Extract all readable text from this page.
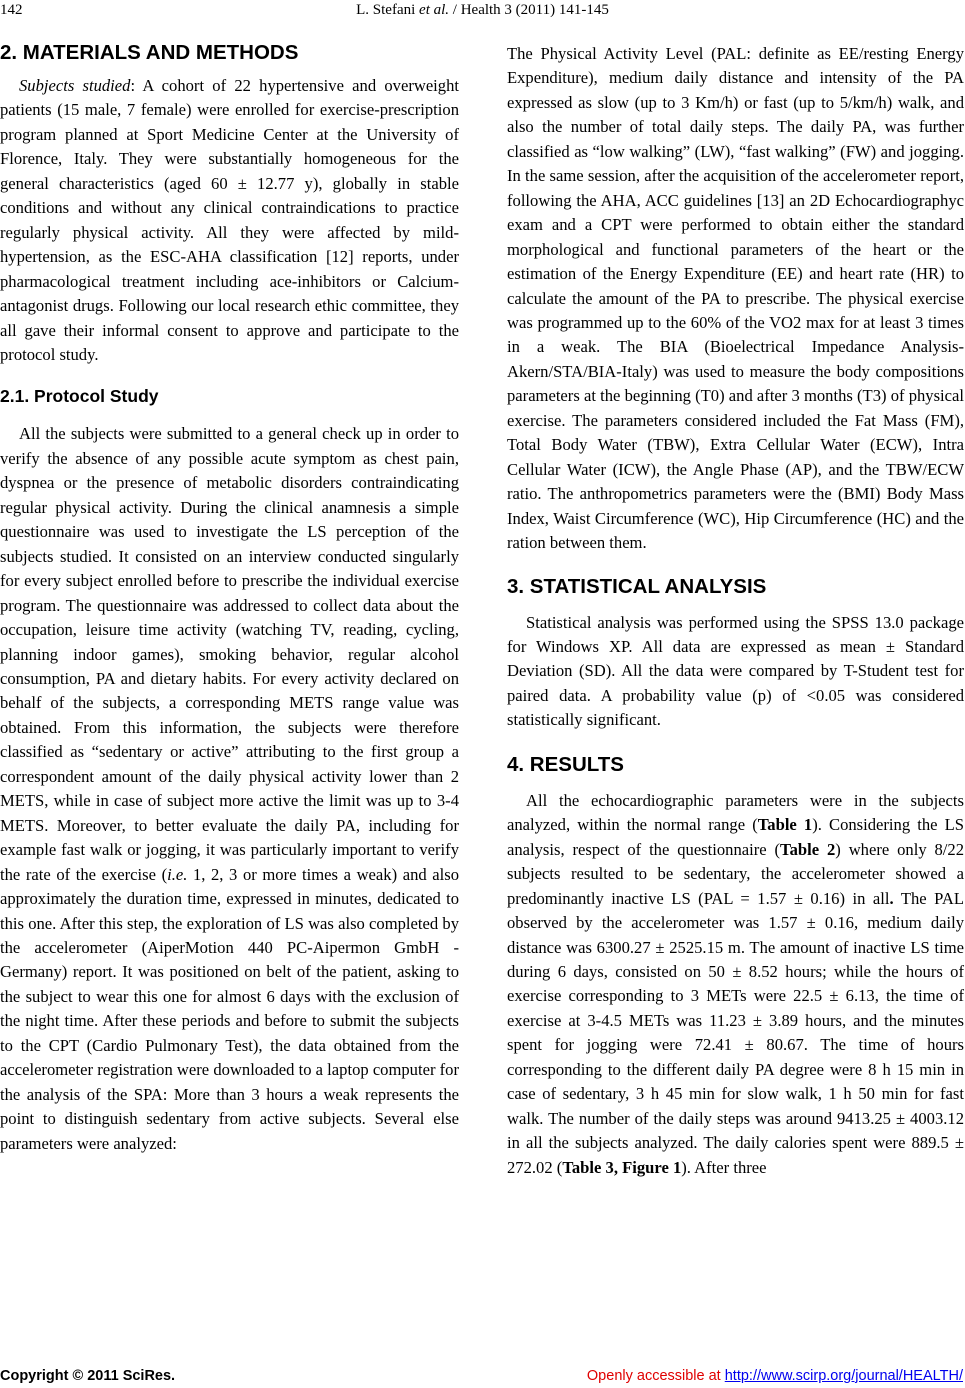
142	L. Stefani et al. / Health 3 (2011) 141-145
2. MATERIALS AND METHODS

Subjects studied: A cohort of 22 hypertensive and overweight patients (15 male, 7 female) were enrolled for exercise-prescription program planned at Sport Medicine Center at the University of Florence, Italy. They were substantially homogeneous for the general characteristics (aged 60 ± 12.77 y), globally in stable conditions and without any clinical contraindications to practice regularly physical activity. All they were affected by mild- hypertension, as the ESC-AHA classification [12] reports, under pharmacological treatment including ace-inhibitors or Calcium-antagonist drugs. Following our local research ethic committee, they all gave their informal consent to approve and participate to the protocol study.

2.1. Protocol Study

All the subjects were submitted to a general check up in order to verify the absence of any possible acute symptom as chest pain, dyspnea or the presence of metabolic disorders contraindicating regular physical activity. During the clinical anamnesis a simple questionnaire was used to investigate the LS perception of the subjects studied. It consisted on an interview conducted singularly for every subject enrolled before to prescribe the individual exercise program. The questionnaire was addressed to collect data about the occupation, leisure time activity (watching TV, reading, cycling, planning indoor games), smoking behavior, regular alcohol consumption, PA and dietary habits. For every activity declared on behalf of the subjects, a corresponding METS range value was obtained. From this information, the subjects were therefore classified as “sedentary or active” attributing to the first group a correspondent amount of the daily physical activity lower than 2 METS, while in case of subject more active the limit was up to 3-4 METS. Moreover, to better evaluate the daily PA, including for example fast walk or jogging, it was particularly important to verify the rate of the exercise (i.e. 1, 2, 3 or more times a weak) and also approximately the duration time, expressed in minutes, dedicated to this one. After this step, the exploration of LS was also completed by the accelerometer (AiperMotion 440 PC-Aipermon GmbH -Germany) report. It was positioned on belt of the patient, asking to the subject to wear this one for almost 6 days with the exclusion of the night time. After these periods and before to submit the subjects to the CPT (Cardio Pulmonary Test), the data obtained from the accelerometer registration were downloaded to a laptop computer for the analysis of the SPA: More than 3 hours a weak represents the point to distinguish sedentary from active subjects. Several else parameters were analyzed:

The Physical Activity Level (PAL: definite as EE/resting Energy Expenditure), medium daily distance and intensity of the PA expressed as slow (up to 3 Km/h) or fast (up to 5/km/h) walk, and also the number of total daily steps. The daily PA, was further classified as “low walking” (LW), “fast walking” (FW) and jogging. In the same session, after the acquisition of the accelerometer report, following the AHA, ACC guidelines [13] an 2D Echocardiographyc exam and a CPT were performed to obtain either the standard morphological and functional parameters of the heart or the estimation of the Energy Expenditure (EE) and heart rate (HR) to calculate the amount of the PA to prescribe. The physical exercise was programmed up to the 60% of the VO2 max for at least 3 times in a weak. The BIA (Bioelectrical Impedance Analysis-Akern/STA/BIA-Italy) was used to measure the body compositions parameters at the beginning (T0) and after 3 months (T3) of physical exercise. The parameters considered included the Fat Mass (FM), Total Body Water (TBW), Extra Cellular Water (ECW), Intra Cellular Water (ICW), the Angle Phase (AP), and the TBW/ECW ratio. The anthropometrics parameters were the (BMI) Body Mass Index, Waist Circumference (WC), Hip Circumference (HC) and the ration between them.

3. STATISTICAL ANALYSIS

Statistical analysis was performed using the SPSS 13.0 package for Windows XP. All data are expressed as mean ± Standard Deviation (SD). All the data were compared by T-Student test for paired data. A probability value (p) of <0.05 was considered statistically significant.

4. RESULTS

All the echocardiographic parameters were in the subjects analyzed, within the normal range (Table 1). Considering the LS analysis, respect of the questionnaire (Table 2) where only 8/22 subjects resulted to be sedentary, the accelerometer showed a predominantly inactive LS (PAL = 1.57 ± 0.16) in all. The PAL observed by the accelerometer was 1.57 ± 0.16, medium daily distance was 6300.27 ± 2525.15 m. The amount of inactive LS time during 6 days, consisted on 50 ± 8.52 hours; while the hours of exercise corresponding to 3 METs were 22.5 ± 6.13, the time of exercise at 3-4.5 METs was 11.23 ± 3.89 hours, and the minutes spent for jogging were 72.41 ± 80.67. The time of hours corresponding to the different daily PA degree were 8 h 15 min in case of sedentary, 3 h 45 min for slow walk, 1 h 50 min for fast walk. The number of the daily steps was around 9413.25 ± 4003.12 in all the subjects analyzed. The daily calories spent were 889.5 ± 272.02 (Table 3, Figure 1). After three

Copyright © 2011 SciRes.	Openly accessible at http://www.scirp.org/journal/HEALTH/
